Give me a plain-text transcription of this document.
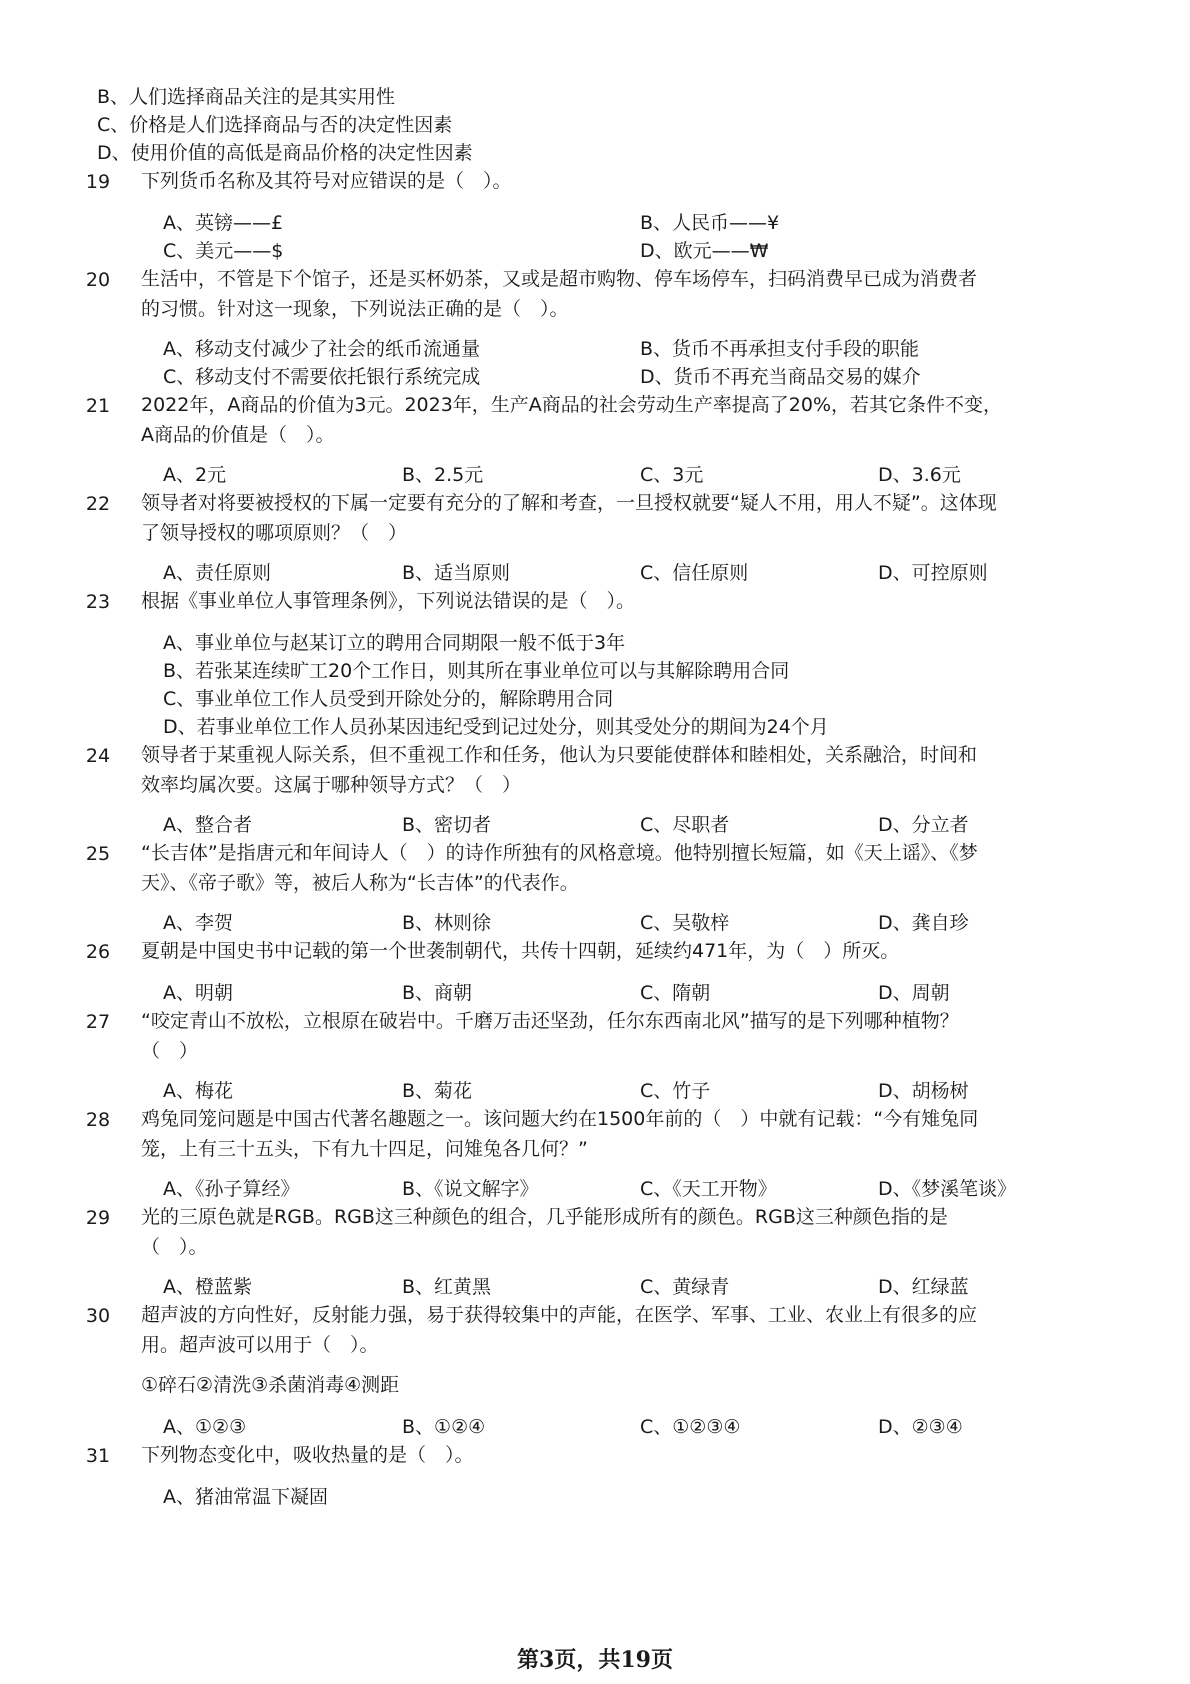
B、人们选择商品关注的是其实用性
C、价格是人们选择商品与否的决定性因素
D、使用价值的高低是商品价格的决定性因素
19	下列货币名称及其符号对应错误的是（　）。
A、英镑——£	B、人民币——¥
C、美元——$	D、欧元——₩
20	生活中，不管是下个馆子，还是买杯奶茶，又或是超市购物、停车场停车，扫码消费早已成为消费者
的习惯。针对这一现象，下列说法正确的是（　）。
A、移动支付减少了社会的纸币流通量	B、货币不再承担支付手段的职能
C、移动支付不需要依托银行系统完成	D、货币不再充当商品交易的媒介
21	2022年，A商品的价值为3元。2023年，生产A商品的社会劳动生产率提高了20%，若其它条件不变，
A商品的价值是（　）。
A、2元	B、2.5元	C、3元	D、3.6元
22	领导者对将要被授权的下属一定要有充分的了解和考查，一旦授权就要“疑人不用，用人不疑”。这体现
了领导授权的哪项原则？（　）
A、责任原则	B、适当原则	C、信任原则	D、可控原则
23	根据《事业单位人事管理条例》，下列说法错误的是（　）。
A、事业单位与赵某订立的聘用合同期限一般不低于3年
B、若张某连续旷工20个工作日，则其所在事业单位可以与其解除聘用合同
C、事业单位工作人员受到开除处分的，解除聘用合同
D、若事业单位工作人员孙某因违纪受到记过处分，则其受处分的期间为24个月
24	领导者于某重视人际关系，但不重视工作和任务，他认为只要能使群体和睦相处，关系融洽，时间和
效率均属次要。这属于哪种领导方式？（　）
A、整合者	B、密切者	C、尽职者	D、分立者
25	“长吉体”是指唐元和年间诗人（　）的诗作所独有的风格意境。他特别擅长短篇，如《天上谣》、《梦
天》、《帝子歌》等，被后人称为“长吉体”的代表作。
A、李贺	B、林则徐	C、吴敬梓	D、龚自珍
26	夏朝是中国史书中记载的第一个世袭制朝代，共传十四朝，延续约471年，为（　）所灭。
A、明朝	B、商朝	C、隋朝	D、周朝
27	“咬定青山不放松，立根原在破岩中。千磨万击还坚劲，任尔东西南北风”描写的是下列哪种植物？
（　）
A、梅花	B、菊花	C、竹子	D、胡杨树
28	鸡兔同笼问题是中国古代著名趣题之一。该问题大约在1500年前的（　）中就有记载：“今有雉兔同
笼，上有三十五头，下有九十四足，问雉兔各几何？”
A、《孙子算经》	B、《说文解字》	C、《天工开物》	D、《梦溪笔谈》
29	光的三原色就是RGB。RGB这三种颜色的组合，几乎能形成所有的颜色。RGB这三种颜色指的是
（　）。
A、橙蓝紫	B、红黄黑	C、黄绿青	D、红绿蓝
30	超声波的方向性好，反射能力强，易于获得较集中的声能，在医学、军事、工业、农业上有很多的应
用。超声波可以用于（　）。
①碎石②清洗③杀菌消毒④测距
A、①②③	B、①②④	C、①②③④	D、②③④
31	下列物态变化中，吸收热量的是（　）。
A、猪油常温下凝固
第3页，共19页
